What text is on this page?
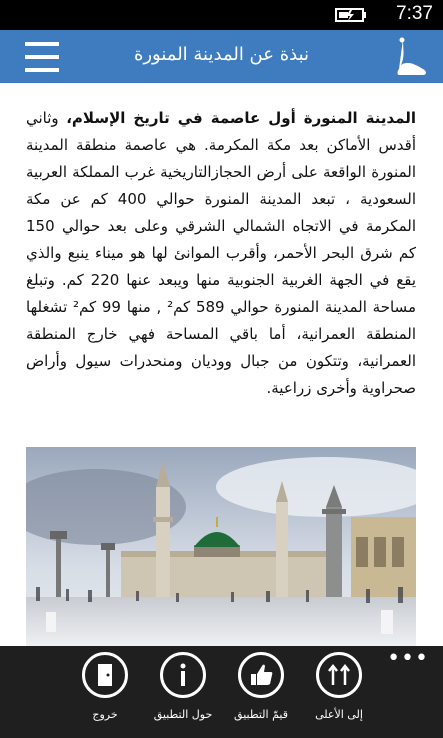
7:37
نبذة عن المدينة المنورة
المدينة المنورة أول عاصمة في تاريخ الإسلام، وثاني أقدس الأماكن بعد مكة المكرمة. هي عاصمة منطقة المدينة المنورة الواقعة على أرض الحجازالتاريخية غرب المملكة العربية السعودية ، تبعد المدينة المنورة حوالي 400 كم عن مكة المكرمة في الاتجاه الشمالي الشرقي وعلى بعد حوالي 150 كم شرق البحر الأحمر، وأقرب الموانئ لها هو ميناء ينبع والذي يقع في الجهة الغربية الجنوبية منها ويبعد عنها 220 كم. وتبلغ مساحة المدينة المنورة حوالي 589 كم² , منها 99 كم² تشغلها المنطقة العمرانية، أما باقي المساحة فهي خارج المنطقة العمرانية، وتتكون من جبال ووديان ومنحدرات سيول وأراض صحراوية وأخرى زراعية.
•••
إلى الأعلى
قيمّ التطبيق
حول التطبيق
خروج
